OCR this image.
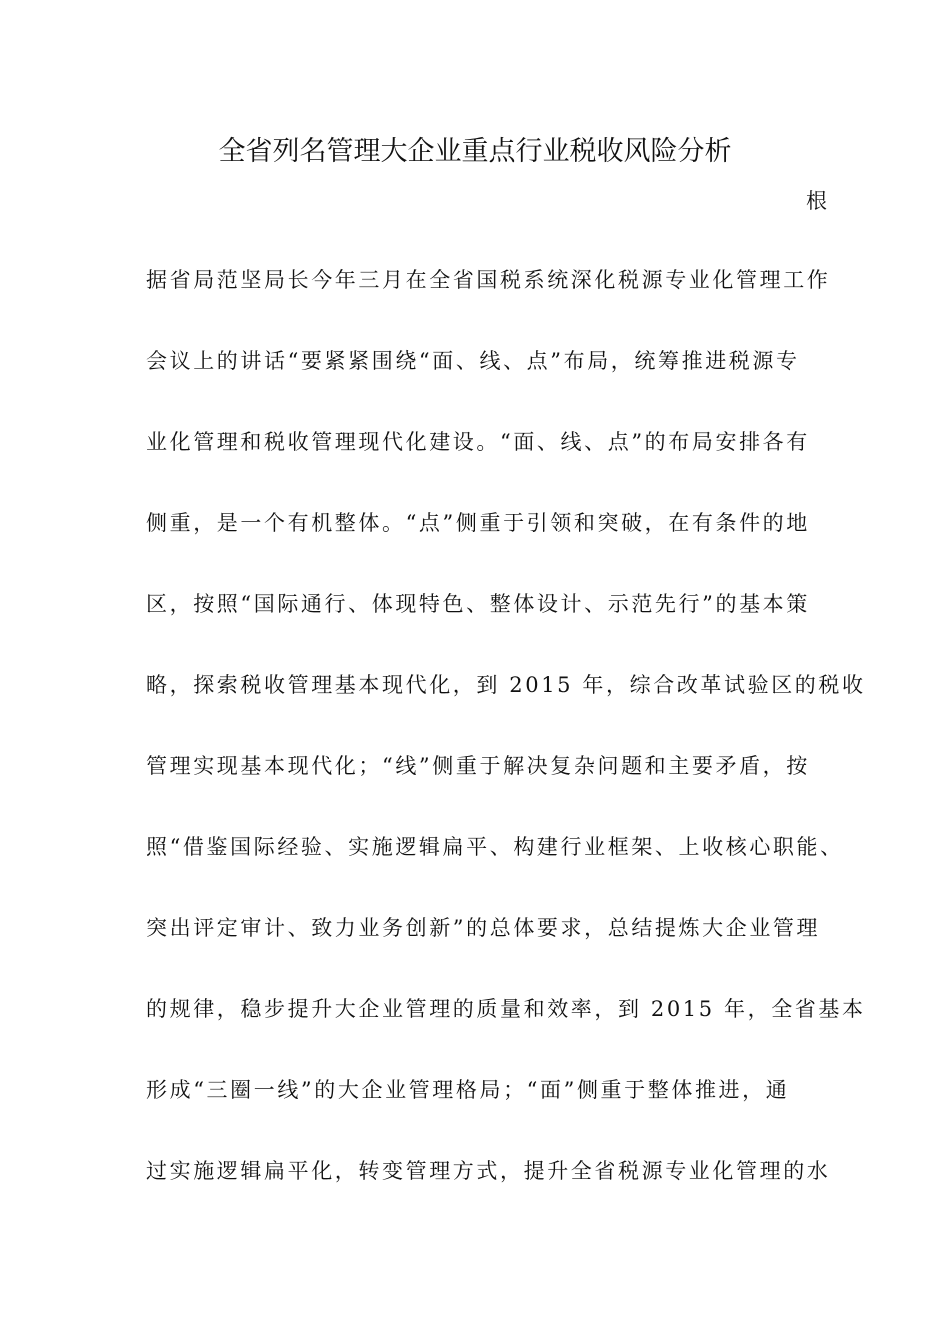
全省列名管理大企业重点行业税收风险分析
根
据省局范坚局长今年三月在全省国税系统深化税源专业化管理工作
会议上的讲话“要紧紧围绕“面、线、点”布局，统筹推进税源专
业化管理和税收管理现代化建设。“面、线、点”的布局安排各有
侧重，是一个有机整体。“点”侧重于引领和突破，在有条件的地
区，按照“国际通行、体现特色、整体设计、示范先行”的基本策
略，探索税收管理基本现代化，到 2015 年，综合改革试验区的税收
管理实现基本现代化；“线”侧重于解决复杂问题和主要矛盾，按
照“借鉴国际经验、实施逻辑扁平、构建行业框架、上收核心职能、
突出评定审计、致力业务创新”的总体要求，总结提炼大企业管理
的规律，稳步提升大企业管理的质量和效率，到 2015 年，全省基本
形成“三圈一线”的大企业管理格局；“面”侧重于整体推进，通
过实施逻辑扁平化，转变管理方式，提升全省税源专业化管理的水
